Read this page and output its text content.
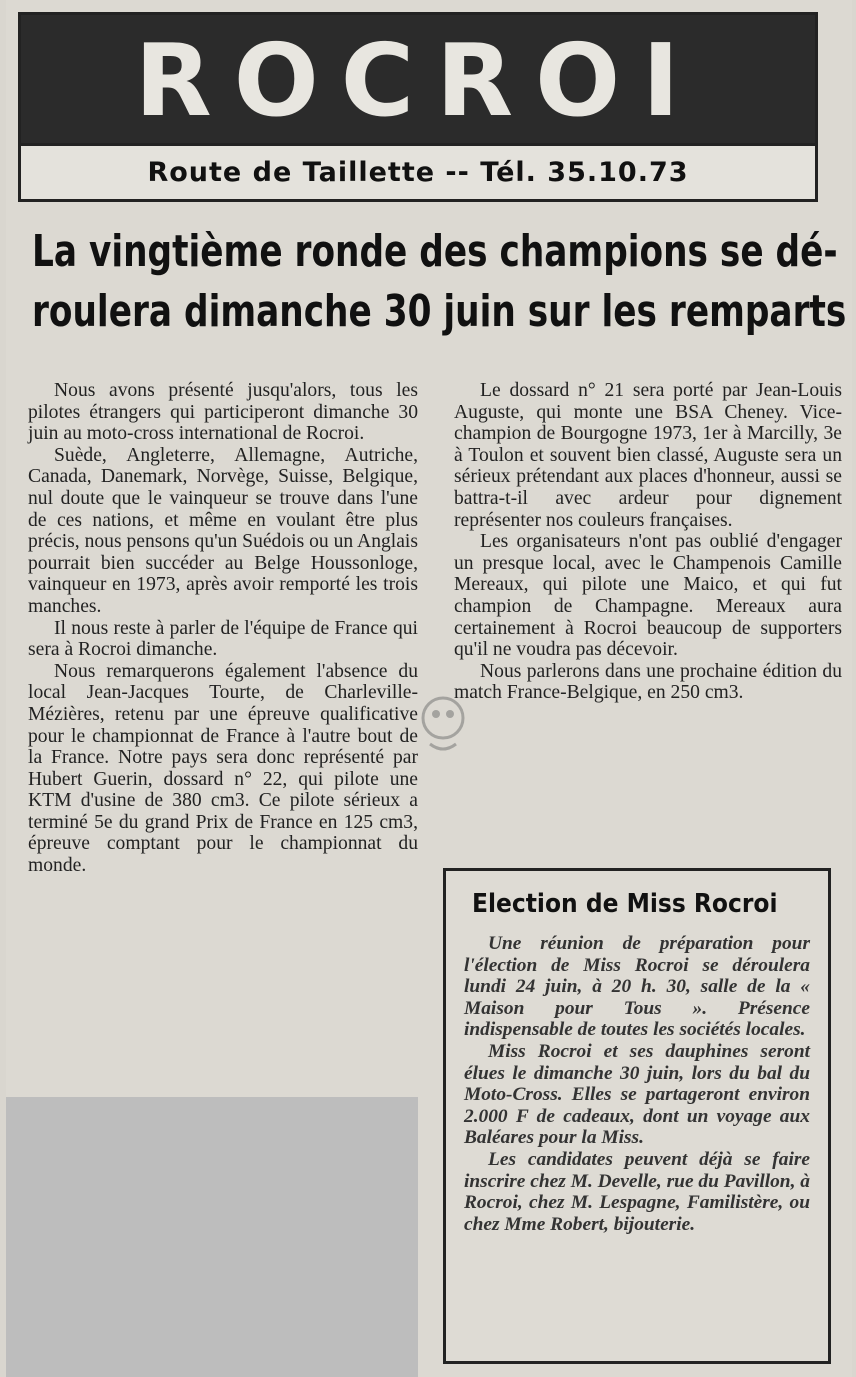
ROCROI
Route de Taillette -- Tél. 35.10.73
La vingtième ronde des champions se dé-
roulera dimanche 30 juin sur les remparts

Nous avons présenté jusqu'alors, tous les pilotes étrangers qui participeront dimanche 30 juin au moto-cross international de Rocroi.

Suède, Angleterre, Allemagne, Autriche, Canada, Danemark, Norvège, Suisse, Belgique, nul doute que le vainqueur se trouve dans l'une de ces nations, et même en voulant être plus précis, nous pensons qu'un Suédois ou un Anglais pourrait bien succéder au Belge Houssonloge, vainqueur en 1973, après avoir remporté les trois manches.

Il nous reste à parler de l'équipe de France qui sera à Rocroi dimanche.

Nous remarquerons également l'absence du local Jean-Jacques Tourte, de Charleville-Mézières, retenu par une épreuve qualificative pour le championnat de France à l'autre bout de la France. Notre pays sera donc représenté par Hubert Guerin, dossard n° 22, qui pilote une KTM d'usine de 380 cm3. Ce pilote sérieux a terminé 5e du grand Prix de France en 125 cm3, épreuve comptant pour le championnat du monde.

Le dossard n° 21 sera porté par Jean-Louis Auguste, qui monte une BSA Cheney. Vice-champion de Bourgogne 1973, 1er à Marcilly, 3e à Toulon et souvent bien classé, Auguste sera un sérieux prétendant aux places d'honneur, aussi se battra-t-il avec ardeur pour dignement représenter nos couleurs françaises.

Les organisateurs n'ont pas oublié d'engager un presque local, avec le Champenois Camille Mereaux, qui pilote une Maico, et qui fut champion de Champagne. Mereaux aura certainement à Rocroi beaucoup de supporters qu'il ne voudra pas décevoir.

Nous parlerons dans une prochaine édition du match France-Belgique, en 250 cm3.

Election de Miss Rocroi

Une réunion de préparation pour l'élection de Miss Rocroi se déroulera lundi 24 juin, à 20 h. 30, salle de la « Maison pour Tous ». Présence indispensable de toutes les sociétés locales.

Miss Rocroi et ses dauphines seront élues le dimanche 30 juin, lors du bal du Moto-Cross. Elles se partageront environ 2.000 F de cadeaux, dont un voyage aux Baléares pour la Miss.

Les candidates peuvent déjà se faire inscrire chez M. Develle, rue du Pavillon, à Rocroi, chez M. Lespagne, Familistère, ou chez Mme Robert, bijouterie.
